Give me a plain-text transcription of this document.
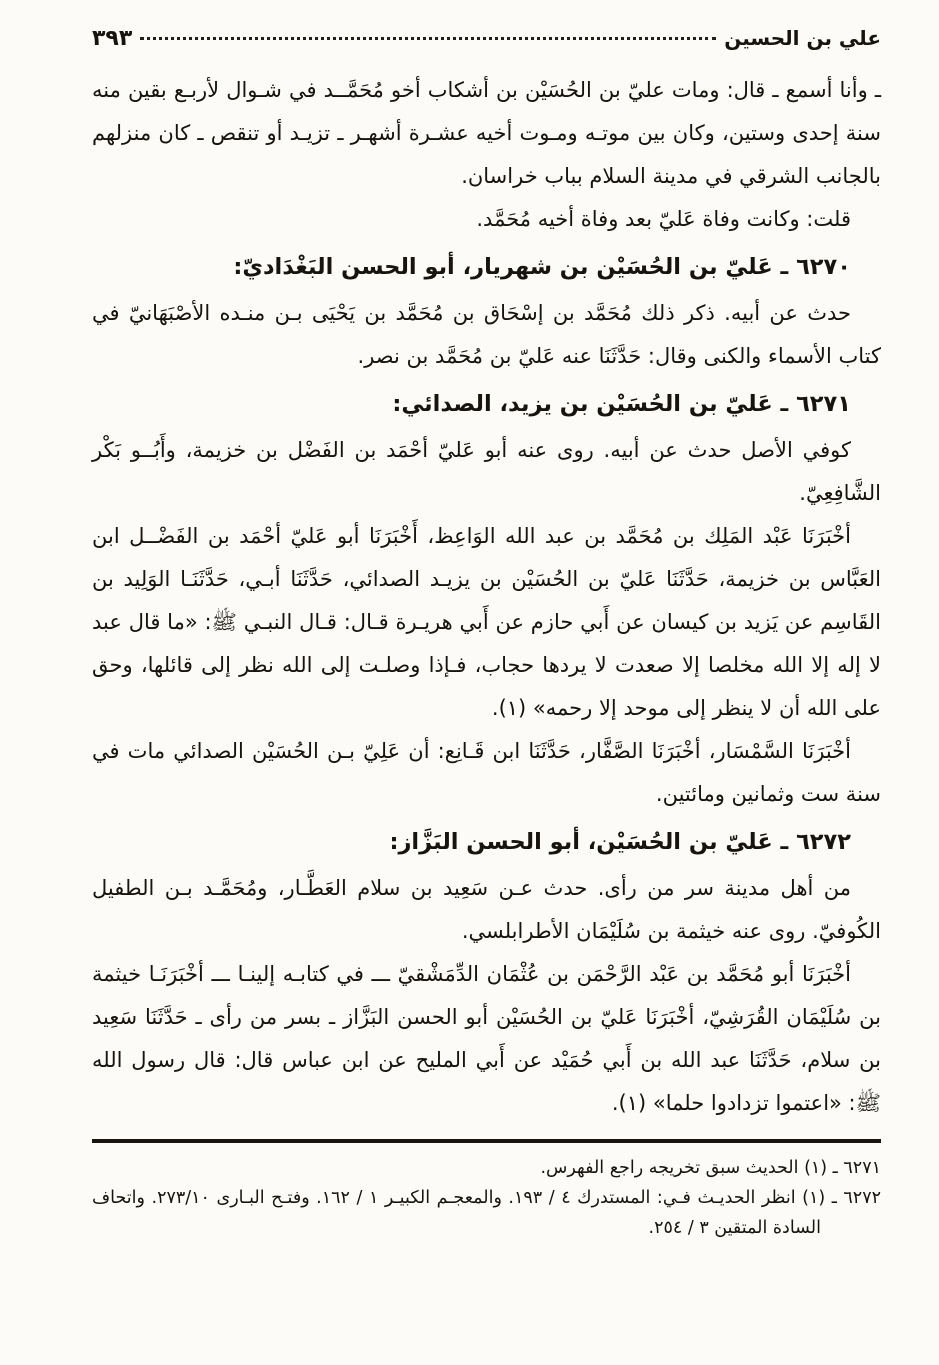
علي بن الحسين
٣٩٣

ـ وأنا أسمع ـ قال: ومات عليّ بن الحُسَيْن بن أشكاب أخو مُحَمَّــد في شـوال لأربـع بقين منه سنة إحدى وستين، وكان بين موتـه ومـوت أخيه عشـرة أشهـر ـ تزيـد أو تنقص ـ كان منزلهم بالجانب الشرقي في مدينة السلام بباب خراسان.

قلت: وكانت وفاة عَليّ بعد وفاة أخيه مُحَمَّد.

٦٢٧٠ ـ عَليّ بن الحُسَيْن بن شهريار، أبو الحسن البَغْدَاديّ:

حدث عن أبيه. ذكر ذلك مُحَمَّد بن إسْحَاق بن مُحَمَّد بن يَحْيَى بـن منـده الأصْبَهَانيّ في كتاب الأسماء والكنى وقال: حَدَّثَنَا عنه عَليّ بن مُحَمَّد بن نصر.

٦٢٧١ ـ عَليّ بن الحُسَيْن بن يزيد، الصدائي:

كوفي الأصل حدث عن أبيه. روى عنه أبو عَليّ أحْمَد بن الفَضْل بن خزيمة، وأَبُــو بَكْر الشَّافِعِيّ.

أخْبَرَنَا عَبْد المَلِك بن مُحَمَّد بن عبد الله الوَاعِظ، أَخْبَرَنَا أبو عَليّ أحْمَد بن الفَضْــل ابن العَبَّاس بن خزيمة، حَدَّثَنَا عَليّ بن الحُسَيْن بن يزيـد الصدائي، حَدَّثَنَا أبـي، حَدَّثَنَـا الوَلِيد بن القَاسِم عن يَزيد بن كيسان عن أَبي حازم عن أَبي هريـرة قـال: قـال النبـي ﷺ: «ما قال عبد لا إله إلا الله مخلصا إلا صعدت لا يردها حجاب، فـإذا وصلـت إلى الله نظر إلى قائلها، وحق على الله أن لا ينظر إلى موحد إلا رحمه» (١).

أخْبَرَنَا السَّمْسَار، أخْبَرَنَا الصَّفَّار، حَدَّثَنَا ابن قَـانِع: أن عَلِيّ بـن الحُسَيْن الصدائي مات في سنة ست وثمانين ومائتين.

٦٢٧٢ ـ عَليّ بن الحُسَيْن، أبو الحسن البَزَّاز:

من أهل مدينة سر من رأى. حدث عـن سَعِيد بن سلام العَطَّـار، ومُحَمَّـد بـن الطفيل الكُوفيّ. روى عنه خيثمة بن سُلَيْمَان الأطرابلسي.

أخْبَرَنَا أبو مُحَمَّد بن عَبْد الرَّحْمَن بن عُثْمَان الدِّمَشْقيّ ـــ في كتابـه إلينـا ـــ أخْبَرَنَـا خيثمة بن سُلَيْمَان القُرَشِيّ، أخْبَرَنَا عَليّ بن الحُسَيْن أبو الحسن البَزَّاز ـ بسر من رأى ـ حَدَّثَنَا سَعِيد بن سلام، حَدَّثَنَا عبد الله بن أَبي حُمَيْد عن أَبي المليح عن ابن عباس قال: قال رسول الله ﷺ: «اعتموا تزدادوا حلما» (١).

٦٢٧١ ـ (١) الحديث سبق تخريجه راجع الفهرس.

٦٢٧٢ ـ (١) انظر الحديـث فـي: المستدرك ٤ / ١٩٣. والمعجـم الكبيـر ١ / ١٦٢. وفتـح البـارى ٢٧٣/١٠. واتحاف السادة المتقين ٣ / ٢٥٤.
